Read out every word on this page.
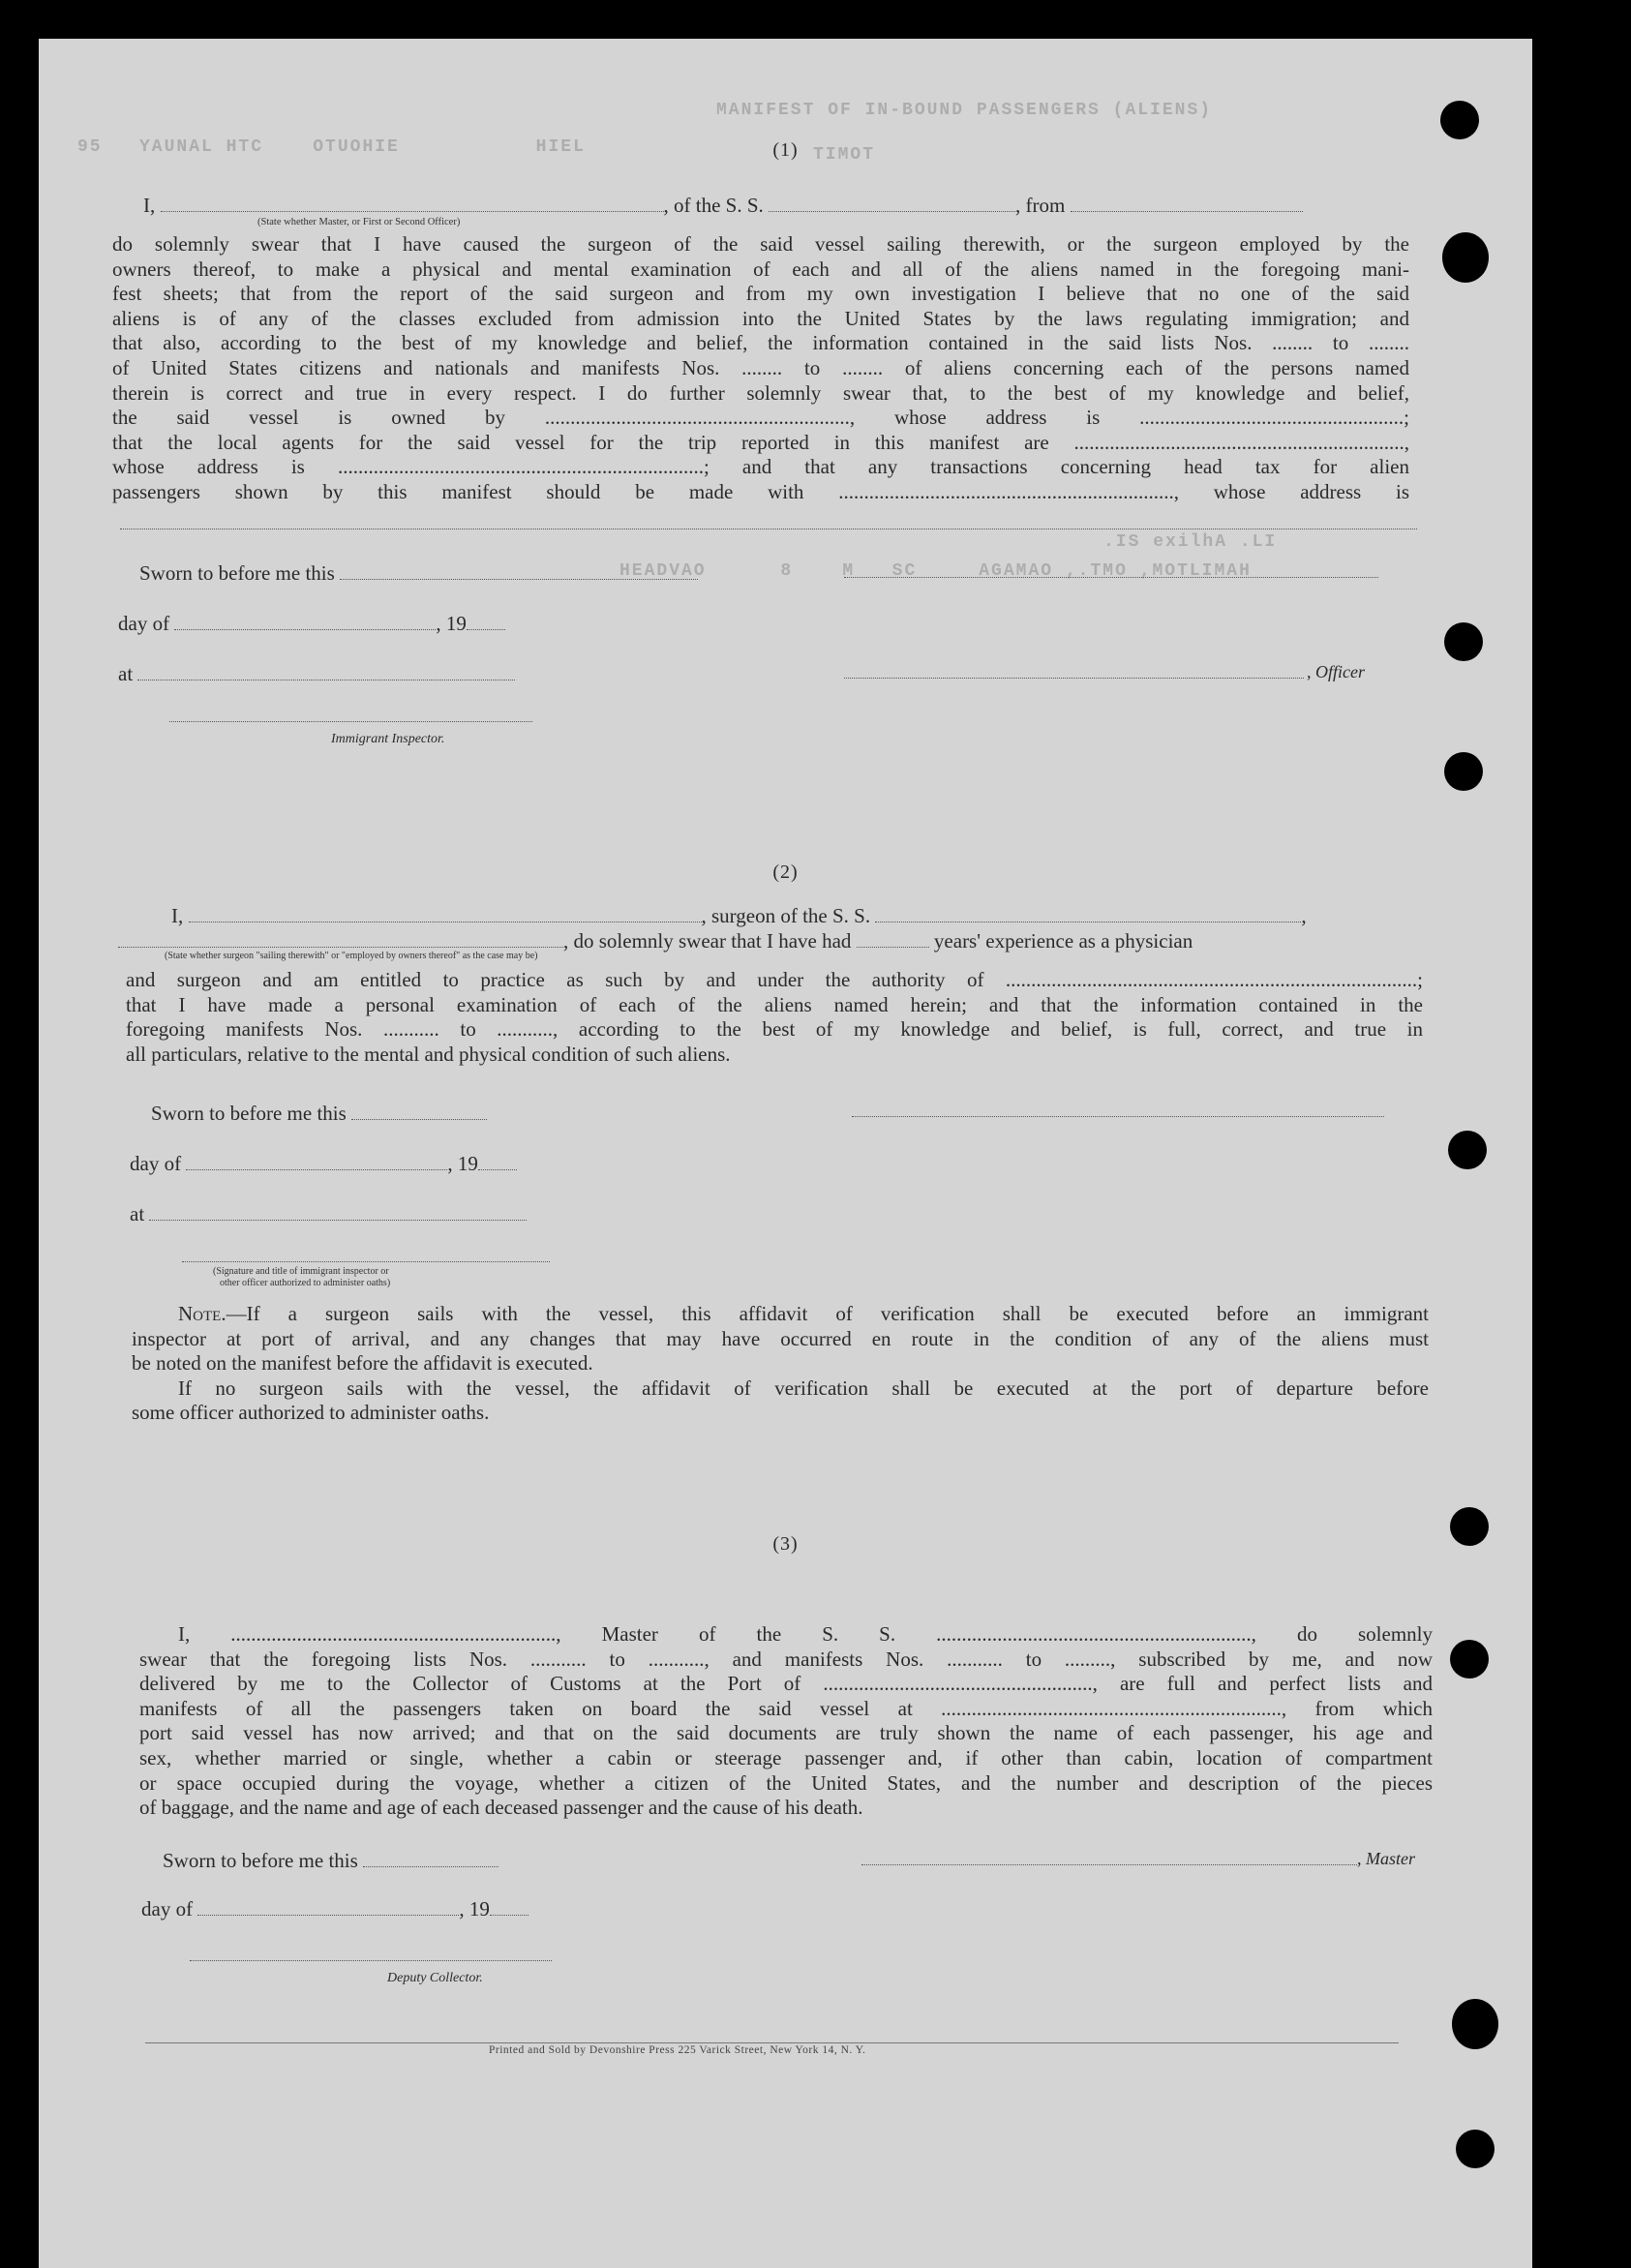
MANIFEST OF IN-BOUND PASSENGERS (ALIENS)
95   YAUNAL HTC    OTUOHIE           HIEL	TIMOT
.IS exilhA .LI
HEADVAO      8    M   SC     AGAMAO ,.TMO ,MOTLIMAH
(1)
I,	, of the S. S.	, from
(State whether Master, or First or Second Officer)
do solemnly swear that I have caused the surgeon of the said vessel sailing therewith, or the surgeon employed by the
owners thereof, to make a physical and mental examination of each and all of the aliens named in the foregoing mani-
fest sheets; that from the report of the said surgeon and from my own investigation I believe that no one of the said
aliens is of any of the classes excluded from admission into the United States by the laws regulating immigration; and
that also, according to the best of my knowledge and belief, the information contained in the said lists Nos. ........ to ........
of United States citizens and nationals and manifests Nos. ........ to ........ of aliens concerning each of the persons named
therein is correct and true in every respect. I do further solemnly swear that, to the best of my knowledge and belief,
the said vessel is owned by ............................................................, whose address is ....................................................;
that the local agents for the said vessel for the trip reported in this manifest are .................................................................,
whose address is ........................................................................; and that any transactions concerning head tax for alien
passengers shown by this manifest should be made with .................................................................., whose address is
Sworn to before me this
day of	, 19
at	, Officer
Immigrant Inspector.
(2)
I,	, surgeon of the S. S.	,
, do solemnly swear that I have had	years' experience as a physician
(State whether surgeon "sailing therewith" or "employed by owners thereof" as the case may be)
and surgeon and am entitled to practice as such by and under the authority of .................................................................................;
that I have made a personal examination of each of the aliens named herein; and that the information contained in the
foregoing manifests Nos. ........... to ..........., according to the best of my knowledge and belief, is full, correct, and true in
all particulars, relative to the mental and physical condition of such aliens.
Sworn to before me this
day of	, 19
at
(Signature and title of immigrant inspector or
other officer authorized to administer oaths)
Note.—If a surgeon sails with the vessel, this affidavit of verification shall be executed before an immigrant
inspector at port of arrival, and any changes that may have occurred en route in the condition of any of the aliens must
be noted on the manifest before the affidavit is executed.
If no surgeon sails with the vessel, the affidavit of verification shall be executed at the port of departure before
some officer authorized to administer oaths.
(3)
I, ................................................................, Master of the S. S. .............................................................., do solemnly
swear that the foregoing lists Nos. ........... to ..........., and manifests Nos. ........... to ........., subscribed by me, and now
delivered by me to the Collector of Customs at the Port of ....................................................., are full and perfect lists and
manifests of all the passengers taken on board the said vessel at ..................................................................., from which
port said vessel has now arrived; and that on the said documents are truly shown the name of each passenger, his age and
sex, whether married or single, whether a cabin or steerage passenger and, if other than cabin, location of compartment
or space occupied during the voyage, whether a citizen of the United States, and the number and description of the pieces
of baggage, and the name and age of each deceased passenger and the cause of his death.
Sworn to before me this	, Master
day of	, 19
Deputy Collector.
Printed and Sold by Devonshire Press 225 Varick Street, New York 14, N. Y.
